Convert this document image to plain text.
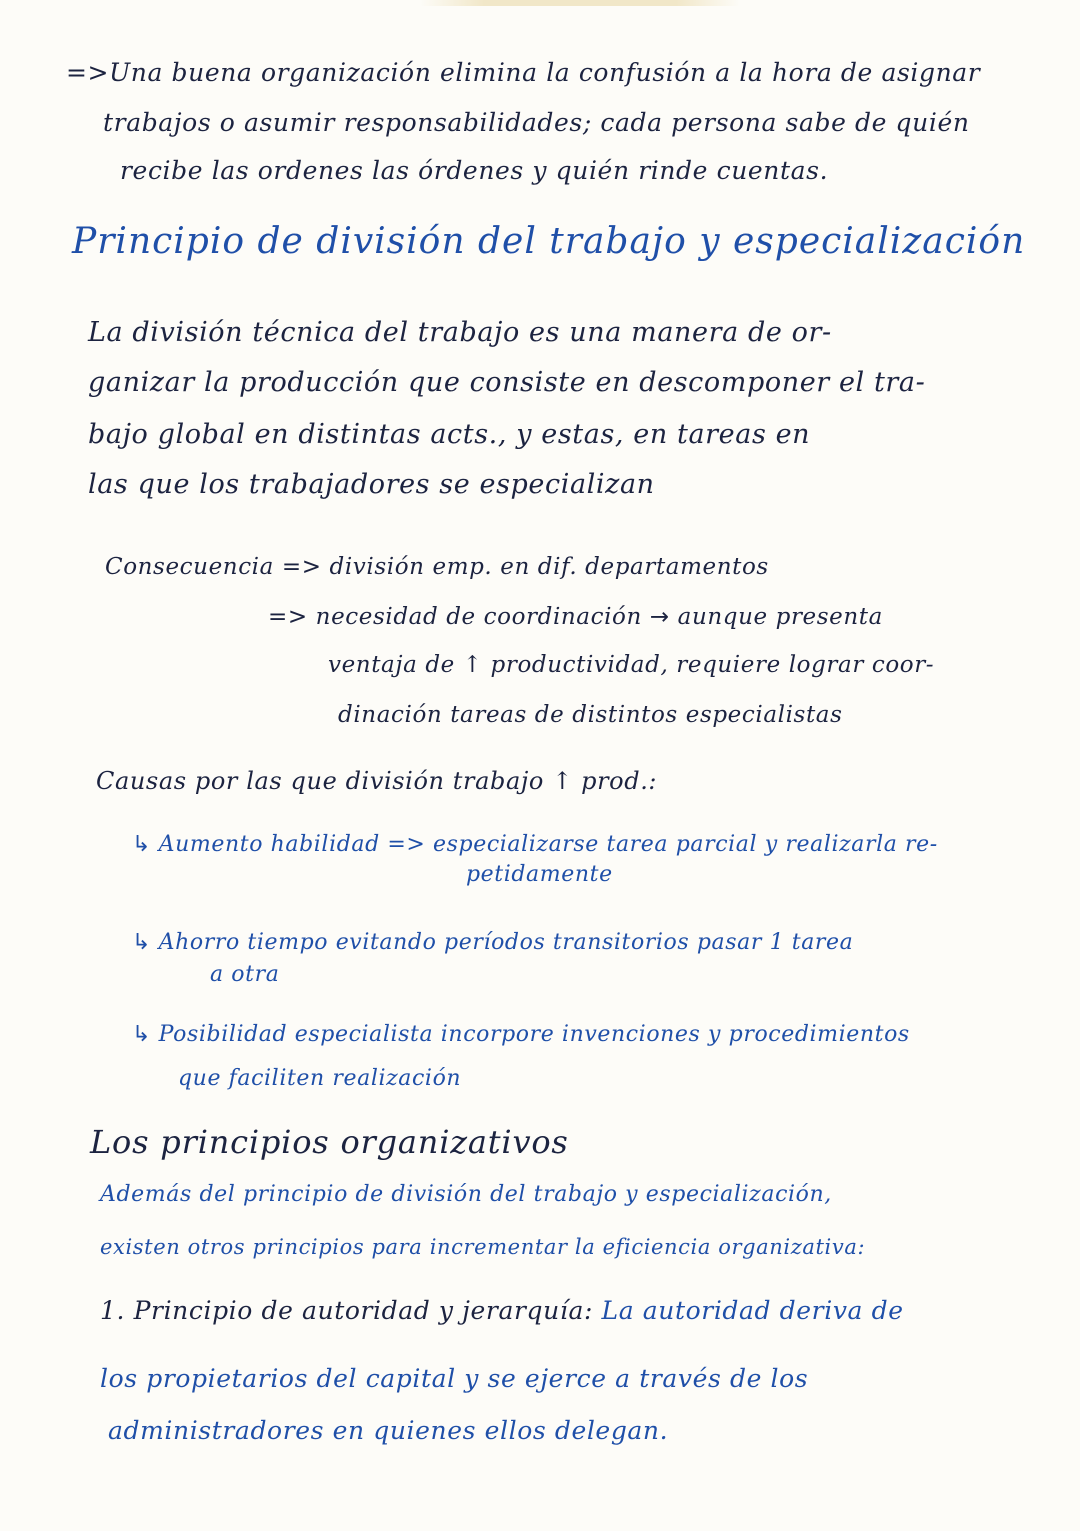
=>Una buena organización elimina la confusión a la hora de asignar
trabajos o asumir responsabilidades; cada persona sabe de quién
recibe las ordenes las órdenes y quién rinde cuentas.
Principio de división del trabajo y especialización
La división técnica del trabajo es una manera de or-
ganizar la producción que consiste en descomponer el tra-
bajo global en distintas acts., y estas, en tareas en
las que los trabajadores se especializan
Consecuencia => división emp. en dif. departamentos
=> necesidad de coordinación → aunque presenta
ventaja de ↑ productividad, requiere lograr coor-
dinación tareas de distintos especialistas
Causas por las que división trabajo ↑ prod.:
↳ Aumento habilidad => especializarse tarea parcial y realizarla re-
petidamente
↳ Ahorro tiempo evitando períodos transitorios pasar 1 tarea
a otra
↳ Posibilidad especialista incorpore invenciones y procedimientos
que faciliten realización
Los principios organizativos
Además del principio de división del trabajo y especialización,
existen otros principios para incrementar la eficiencia organizativa:
1. Principio de autoridad y jerarquía: La autoridad deriva de
los propietarios del capital y se ejerce a través de los
administradores en quienes ellos delegan.
